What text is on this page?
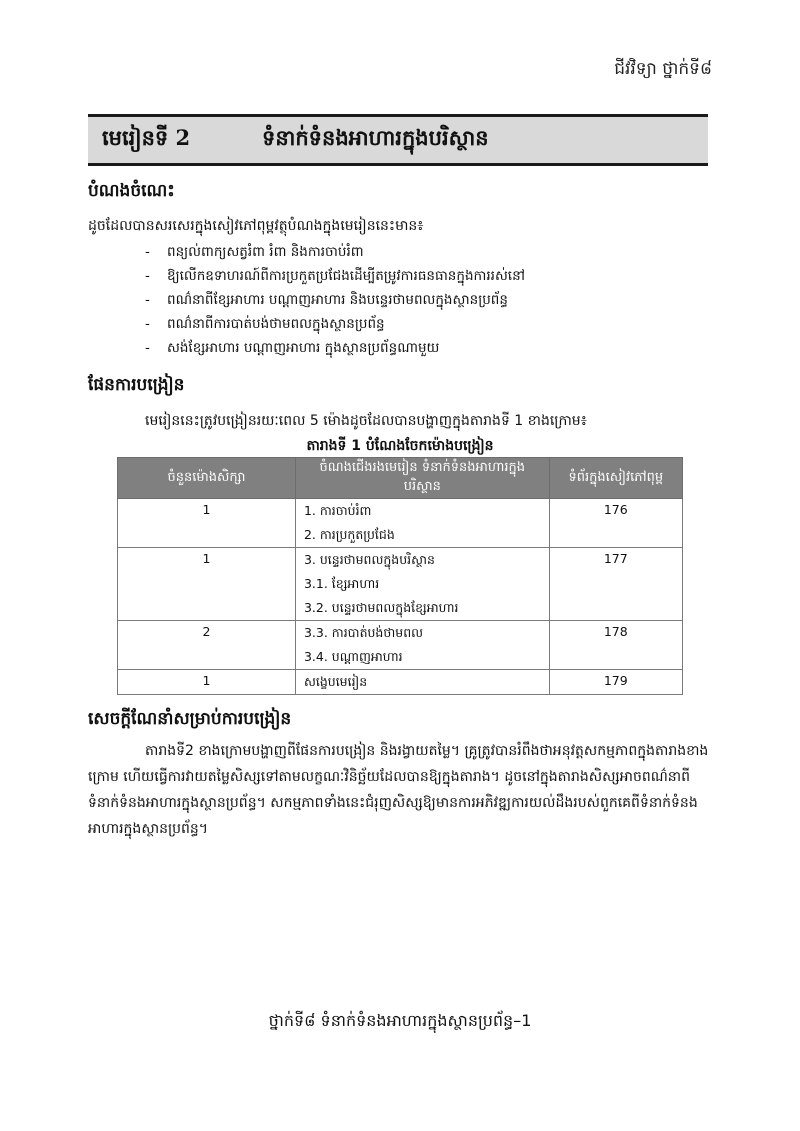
ជីវវិទ្យា ថ្នាក់ទី៨
មេរៀនទី 2	ទំនាក់ទំនងអាហារក្នុងបរិស្ថាន
បំណងចំណេះ
ដូចដែលបានសរសេរក្នុងសៀវភៅពុម្ពវត្ថុបំណងក្នុងមេរៀននេះមាន៖
- ពន្យល់ពាក្យសត្វរំពា រំពា និងការចាប់រំពា
- ឱ្យលើកឧទាហរណ៍ពីការប្រកួតប្រជែងដើម្បីតម្រូវការធនធានក្នុងការរស់នៅ
- ពណ៌នាពីខ្សែអាហារ បណ្តាញអាហារ និងបន្ទេរថាមពលក្នុងស្ថានប្រព័ន្ធ
- ពណ៌នាពីការបាត់បង់ថាមពលក្នុងស្ថានប្រព័ន្ធ
- សង់ខ្សែអាហារ បណ្តាញអាហារ ក្នុងស្ថានប្រព័ន្ធណាមួយ
ផែនការបង្រៀន
មេរៀននេះត្រូវបង្រៀនរយៈពេល 5 ម៉ោងដូចដែលបានបង្ហាញក្នុងតារាងទី 1 ខាងក្រោម៖
តារាងទី 1 បំណែងចែកម៉ោងបង្រៀន
ចំនួនម៉ោងសិក្សា	ចំណងជើងរងមេរៀន ទំនាក់ទំនងអាហារក្នុងបរិស្ថាន	ទំព័រក្នុងសៀវភៅពុម្ព

1	1. ការចាប់រំពា
2. ការប្រកួតប្រជែង	176

1	3. បន្ទេរថាមពលក្នុងបរិស្ថាន
3.1. ខ្សែអាហារ
3.2. បន្ទេរថាមពលក្នុងខ្សែអាហារ	177

2	3.3. ការបាត់បង់ថាមពល
3.4. បណ្តាញអាហារ	178

1	សង្ខេបមេរៀន	179
សេចក្តីណែនាំសម្រាប់ការបង្រៀន
តារាងទី2 ខាងក្រោមបង្ហាញពីផែនការបង្រៀន និងរង្វាយតម្លៃ។ គ្រូត្រូវបានរំពឹងថាអនុវត្តសកម្មភាពក្នុងតារាងខាងក្រោម ហើយធ្វើការវាយតម្លៃសិស្សទៅតាមលក្ខណៈវិនិច្ឆ័យដែលបានឱ្យក្នុងតារាង។ ដូចនៅក្នុងតារាងសិស្សអាចពណ៌នាពីទំនាក់ទំនងអាហារក្នុងស្ថានប្រព័ន្ធ។ សកម្មភាពទាំងនេះជំរុញសិស្សឱ្យមានការអភិវឌ្ឍការយល់ដឹងរបស់ពួកគេពីទំនាក់ទំនងអាហារក្នុងស្ថានប្រព័ន្ធ។
ថ្នាក់ទី៨ ទំនាក់ទំនងអាហារក្នុងស្ថានប្រព័ន្ធ–1
